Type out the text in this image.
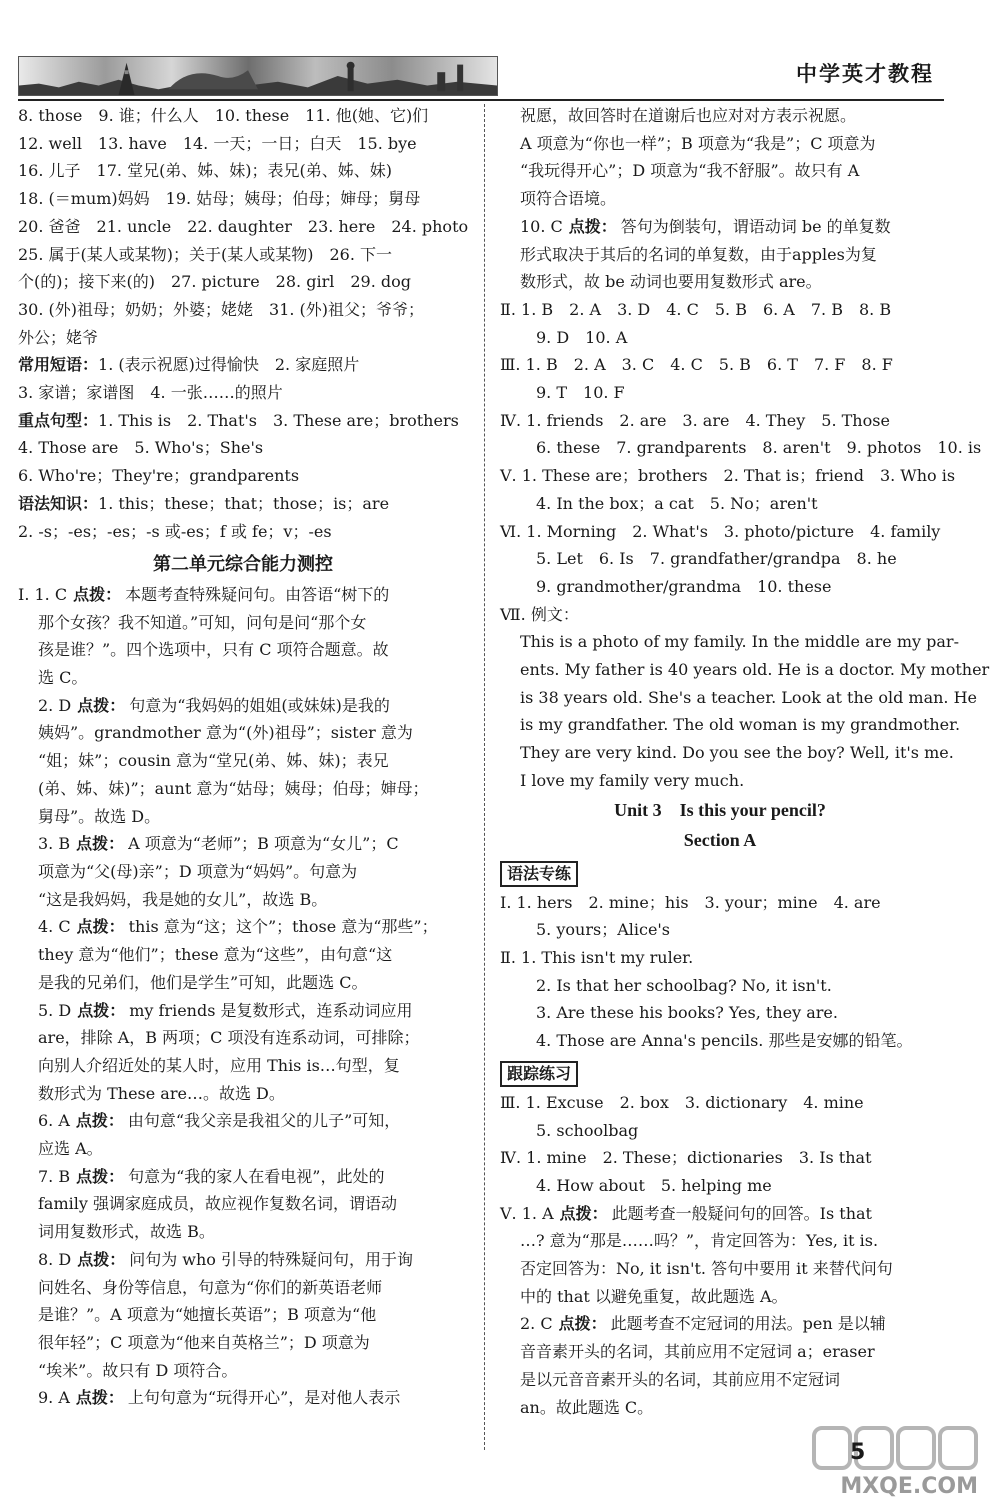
中学英才教程
8. those　9. 谁；什么人　10. these　11. 他(她、它)们
12. well　13. have　14. 一天；一日；白天　15. bye
16. 儿子　17. 堂兄(弟、姊、妹)；表兄(弟、姊、妹)
18. (＝mum)妈妈　19. 姑母；姨母；伯母；婶母；舅母
20. 爸爸　21. uncle　22. daughter　23. here　24. photo
25. 属于(某人或某物)；关于(某人或某物)　26. 下一
个(的)；接下来(的)　27. picture　28. girl　29. dog
30. (外)祖母；奶奶；外婆；姥姥　31. (外)祖父；爷爷；
外公；姥爷
常用短语：1. (表示祝愿)过得愉快　2. 家庭照片
3. 家谱；家谱图　4. 一张……的照片
重点句型：1. This is　2. That's　3. These are；brothers
4. Those are　5. Who's；She's
6. Who're；They're；grandparents
语法知识：1. this；these；that；those；is；are
2. -s；-es；-es；-s 或-es；f 或 fe；v；-es
第二单元综合能力测控
Ⅰ. 1. C 点拨： 本题考查特殊疑问句。由答语“树下的
那个女孩？我不知道。”可知，问句是问“那个女
孩是谁？”。四个选项中，只有 C 项符合题意。故
选 C。
2. D 点拨： 句意为“我妈妈的姐姐(或妹妹)是我的
姨妈”。grandmother 意为“(外)祖母”；sister 意为
“姐；妹”；cousin 意为“堂兄(弟、姊、妹)；表兄
(弟、姊、妹)”；aunt 意为“姑母；姨母；伯母；婶母；
舅母”。故选 D。
3. B 点拨： A 项意为“老师”；B 项意为“女儿”；C
项意为“父(母)亲”；D 项意为“妈妈”。句意为
“这是我妈妈，我是她的女儿”，故选 B。
4. C 点拨： this 意为“这；这个”；those 意为“那些”；
they 意为“他们”；these 意为“这些”，由句意“这
是我的兄弟们，他们是学生”可知，此题选 C。
5. D 点拨： my friends 是复数形式，连系动词应用
are，排除 A，B 两项；C 项没有连系动词，可排除；
向别人介绍近处的某人时，应用 This is…句型，复
数形式为 These are…。故选 D。
6. A 点拨： 由句意“我父亲是我祖父的儿子”可知，
应选 A。
7. B 点拨： 句意为“我的家人在看电视”，此处的
family 强调家庭成员，故应视作复数名词，谓语动
词用复数形式，故选 B。
8. D 点拨： 问句为 who 引导的特殊疑问句，用于询
问姓名、身份等信息，句意为“你们的新英语老师
是谁？”。A 项意为“她擅长英语”；B 项意为“他
很年轻”；C 项意为“他来自英格兰”；D 项意为
“埃米”。故只有 D 项符合。
9. A 点拨： 上句句意为“玩得开心”，是对他人表示
祝愿，故回答时在道谢后也应对对方表示祝愿。
A 项意为“你也一样”；B 项意为“我是”；C 项意为
“我玩得开心”；D 项意为“我不舒服”。故只有 A
项符合语境。
10. C 点拨： 答句为倒装句，谓语动词 be 的单复数
形式取决于其后的名词的单复数，由于apples为复
数形式，故 be 动词也要用复数形式 are。
Ⅱ. 1. B　2. A　3. D　4. C　5. B　6. A　7. B　8. B
　9. D　10. A
Ⅲ. 1. B　2. A　3. C　4. C　5. B　6. T　7. F　8. F
　9. T　10. F
Ⅳ. 1. friends　2. are　3. are　4. They　5. Those
　6. these　7. grandparents　8. aren't　9. photos　10. is
Ⅴ. 1. These are；brothers　2. That is；friend　3. Who is
　4. In the box；a cat　5. No；aren't
Ⅵ. 1. Morning　2. What's　3. photo/picture　4. family
　5. Let　6. Is　7. grandfather/grandpa　8. he
　9. grandmother/grandma　10. these
Ⅶ. 例文：
This is a photo of my family. In the middle are my par-
ents. My father is 40 years old. He is a doctor. My mother
is 38 years old. She's a teacher. Look at the old man. He
is my grandfather. The old woman is my grandmother.
They are very kind. Do you see the boy? Well, it's me.
I love my family very much.
Unit 3　Is this your pencil?
Section A
语法专练
Ⅰ. 1. hers　2. mine；his　3. your；mine　4. are
　5. yours；Alice's
Ⅱ. 1. This isn't my ruler.
　2. Is that her schoolbag? No, it isn't.
　3. Are these his books? Yes, they are.
　4. Those are Anna's pencils. 那些是安娜的铅笔。
跟踪练习
Ⅲ. 1. Excuse　2. box　3. dictionary　4. mine
　5. schoolbag
Ⅳ. 1. mine　2. These；dictionaries　3. Is that
　4. How about　5. helping me
Ⅴ. 1. A 点拨： 此题考查一般疑问句的回答。Is that
…? 意为“那是……吗？”，肯定回答为：Yes, it is.
否定回答为：No, it isn't. 答句中要用 it 来替代问句
中的 that 以避免重复，故此题选 A。
2. C 点拨： 此题考查不定冠词的用法。pen 是以辅
音音素开头的名词，其前应用不定冠词 a；eraser
是以元音音素开头的名词，其前应用不定冠词
an。故此题选 C。
5
MXQE.COM
